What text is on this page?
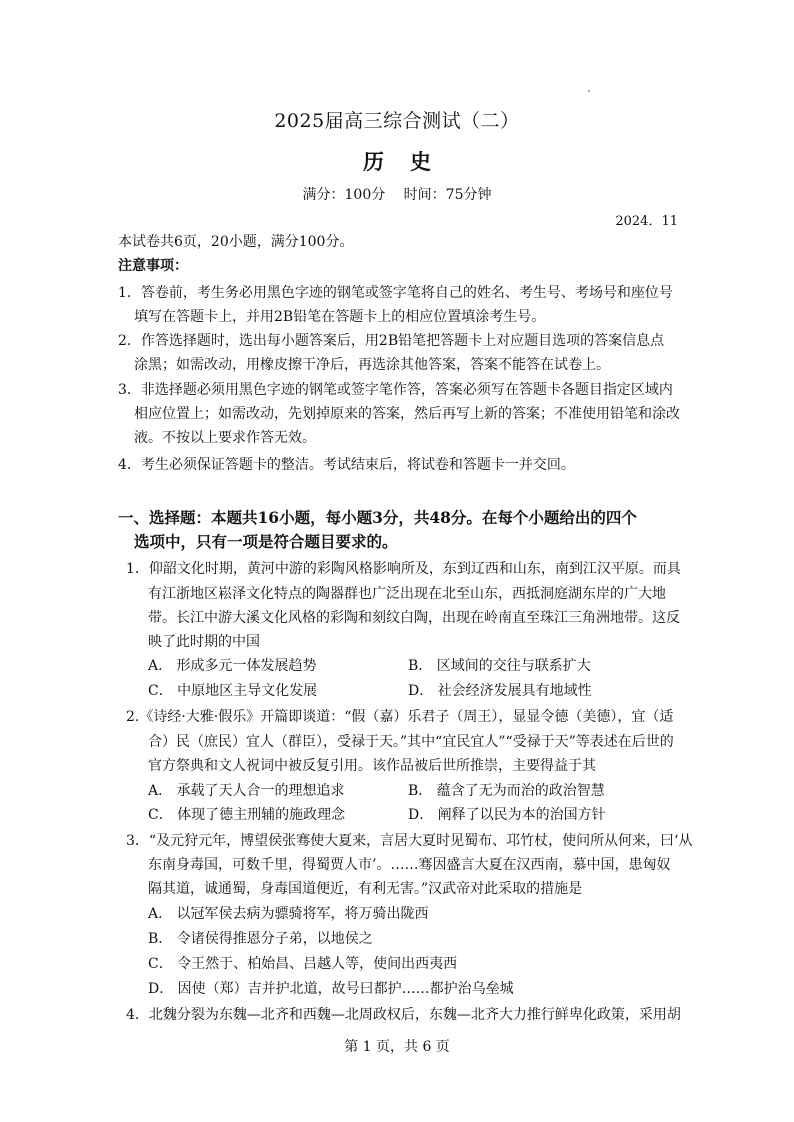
2025届高三综合测试（二）
历史
满分：100分　 时间：75分钟
2024．11
本试卷共6页，20小题，满分100分。
注意事项：
1．答卷前，考生务必用黑色字迹的钢笔或签字笔将自己的姓名、考生号、考场号和座位号
填写在答题卡上，并用2B铅笔在答题卡上的相应位置填涂考生号。
2．作答选择题时，选出每小题答案后，用2B铅笔把答题卡上对应题目选项的答案信息点
涂黑；如需改动，用橡皮擦干净后，再选涂其他答案，答案不能答在试卷上。
3．非选择题必须用黑色字迹的钢笔或签字笔作答，答案必须写在答题卡各题目指定区域内
相应位置上；如需改动，先划掉原来的答案，然后再写上新的答案；不准使用铅笔和涂改
液。不按以上要求作答无效。
4．考生必须保证答题卡的整洁。考试结束后，将试卷和答题卡一并交回。
一、选择题：本题共16小题，每小题3分，共48分。在每个小题给出的四个
选项中，只有一项是符合题目要求的。
1．仰韶文化时期，黄河中游的彩陶风格影响所及，东到辽西和山东，南到江汉平原。而具
有江浙地区崧泽文化特点的陶器群也广泛出现在北至山东，西抵洞庭湖东岸的广大地
带。长江中游大溪文化风格的彩陶和刻纹白陶，出现在岭南直至珠江三角洲地带。这反
映了此时期的中国
A． 形成多元一体发展趋势	B． 区域间的交往与联系扩大
C． 中原地区主导文化发展	D． 社会经济发展具有地域性
2.《诗经·大雅·假乐》开篇即谈道：“假（嘉）乐君子（周王），显显令德（美德），宜（适
合）民（庶民）宜人（群臣），受禄于天。”其中“宜民宜人”“受禄于天”等表述在后世的
官方祭典和文人祝词中被反复引用。该作品被后世所推崇，主要得益于其
A． 承载了天人合一的理想追求	B． 蕴含了无为而治的政治智慧
C． 体现了德主刑辅的施政理念	D． 阐释了以民为本的治国方针
3．“及元狩元年，博望侯张骞使大夏来，言居大夏时见蜀布、邛竹杖，使问所从何来，曰‘从
东南身毒国，可数千里，得蜀贾人市’。……骞因盛言大夏在汉西南，慕中国，患匈奴
隔其道，诚通蜀，身毒国道便近，有利无害。”汉武帝对此采取的措施是
A． 以冠军侯去病为骠骑将军，将万骑出陇西
B． 令诸侯得推恩分子弟，以地侯之
C． 令王然于、柏始昌、吕越人等，使间出西夷西
D． 因使（郑）吉并护北道，故号曰都护……都护治乌垒城
4．北魏分裂为东魏—北齐和西魏—北周政权后，东魏—北齐大力推行鲜卑化政策，采用胡
第 1 页，共 6 页
